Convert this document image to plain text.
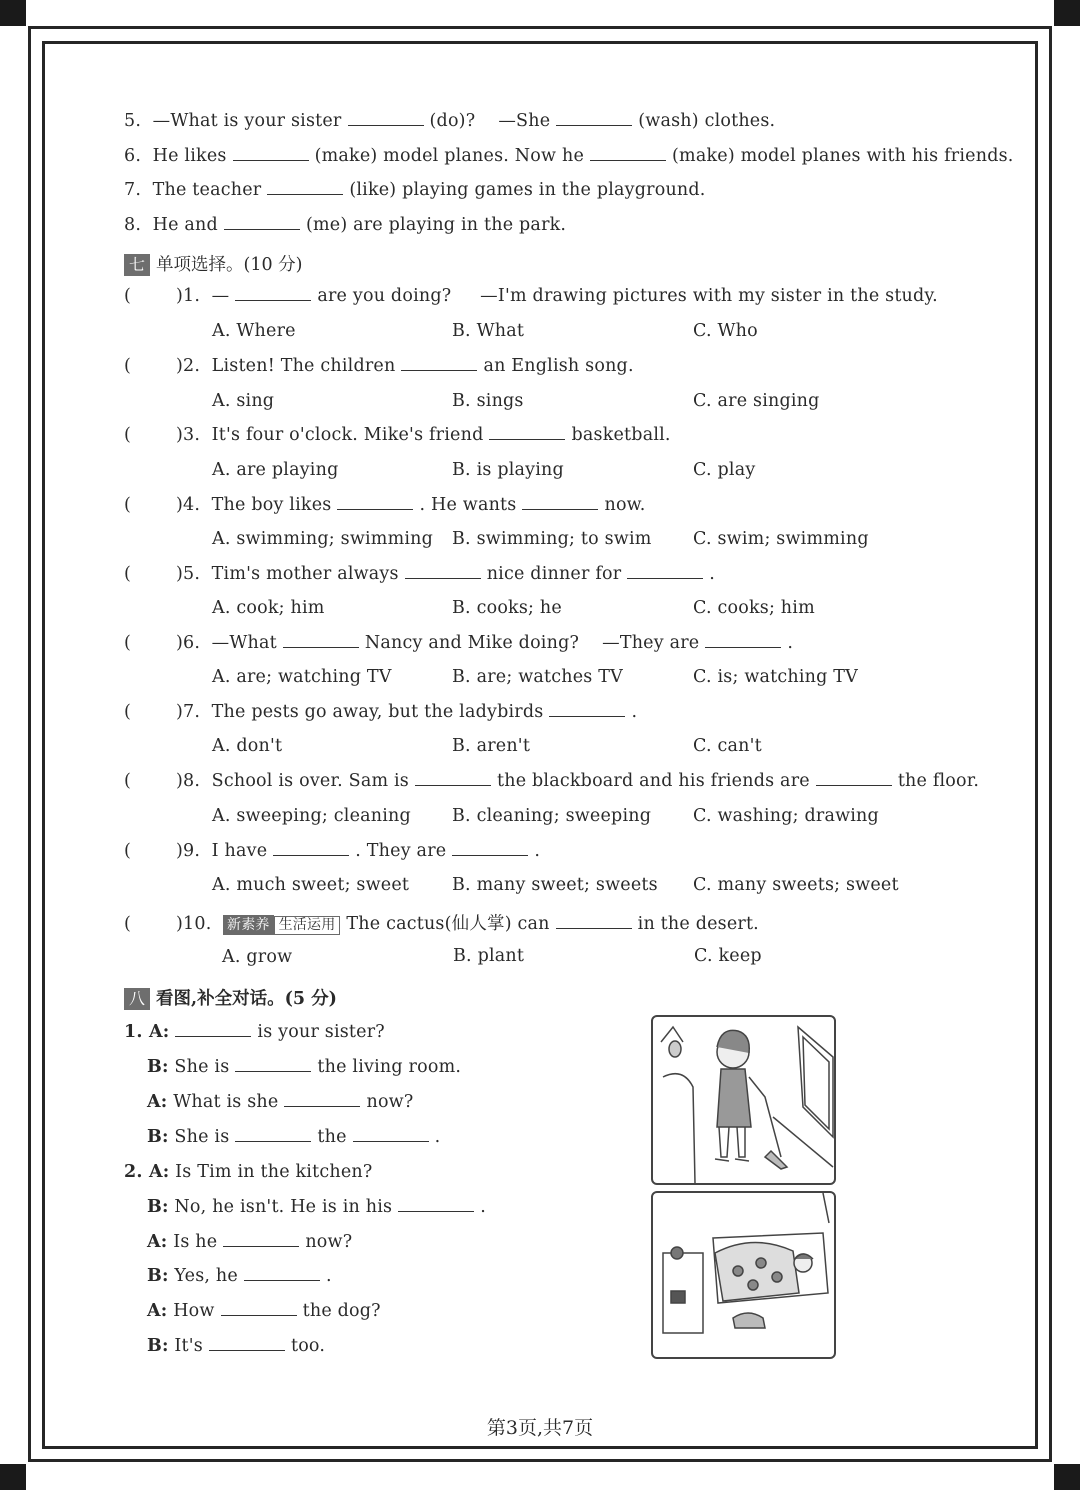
5. —What is your sister	(do)? —She	(wash) clothes.
6. He likes	(make) model planes. Now he	(make) model planes with his friends.
7. The teacher	(like) playing games in the playground.
8. He and	(me) are playing in the park.
七 单项选择。(10 分)
(	)1. —	are you doing? —I'm drawing pictures with my sister in the study.
A. Where	B. What	C. Who
(	)2. Listen! The children	an English song.
A. sing	B. sings	C. are singing
(	)3. It's four o'clock. Mike's friend	basketball.
A. are playing	B. is playing	C. play
(	)4. The boy likes	. He wants	now.
A. swimming; swimming B. swimming; to swim C. swim; swimming
(	)5. Tim's mother always	nice dinner for	.
A. cook; him	B. cooks; he	C. cooks; him
(	)6. —What	Nancy and Mike doing? —They are	.
A. are; watching TV	B. are; watches TV	C. is; watching TV
(	)7. The pests go away, but the ladybirds	.
A. don't	B. aren't	C. can't
(	)8. School is over. Sam is	the blackboard and his friends are	the floor.
A. sweeping; cleaning B. cleaning; sweeping C. washing; drawing
(	)9. I have	. They are	.
A. much sweet; sweet B. many sweet; sweets C. many sweets; sweet
(	)10. 新素养 生活运用 The cactus(仙人掌) can	in the desert.
A. grow	B. plant	C. keep
八 看图,补全对话。(5 分)
1. A:	is your sister?
B: She is	the living room.
A: What is she	now?
B: She is	the	.
2. A: Is Tim in the kitchen?
B: No, he isn't. He is in his	.
A: Is he	now?
B: Yes, he	.
A: How	the dog?
B: It's	too.
第3页,共7页
